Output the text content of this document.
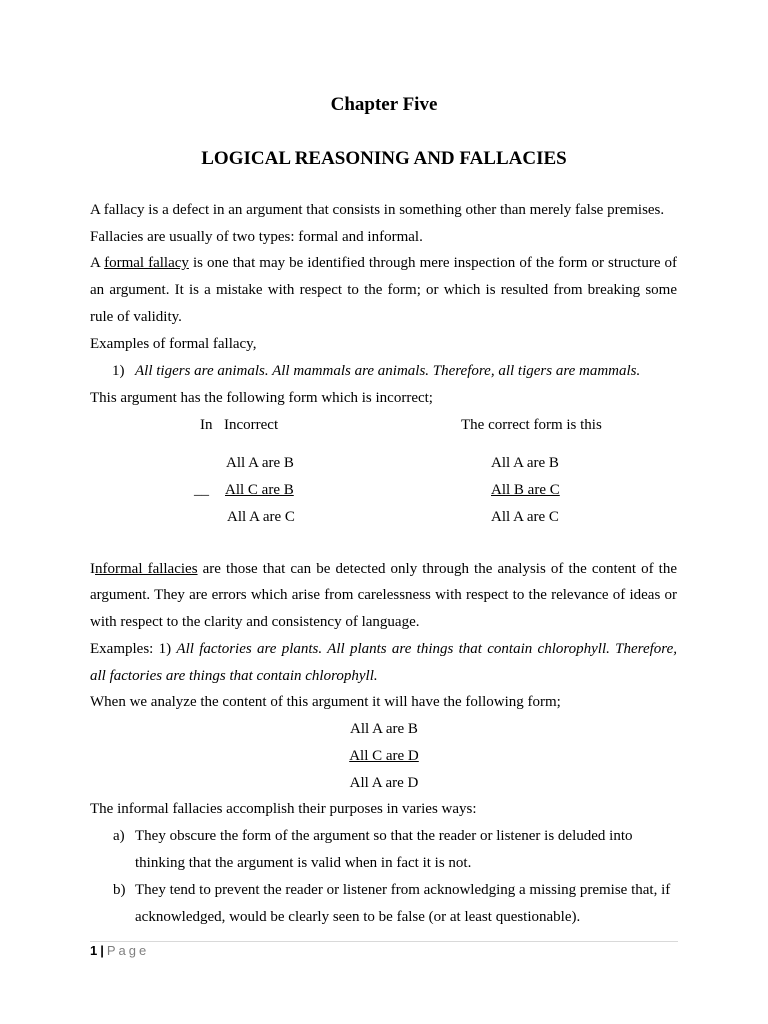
Chapter Five
LOGICAL REASONING AND FALLACIES
A fallacy is a defect in an argument that consists in something other than merely false premises.
Fallacies are usually of two types: formal and informal.
A formal fallacy is one that may be identified through mere inspection of the form or structure of
an argument. It is a mistake with respect to the form; or which is resulted from breaking some
rule of validity.
Examples of formal fallacy,
1) All tigers are animals. All mammals are animals. Therefore, all tigers are mammals.
This argument has the following form which is incorrect;
In Incorrect	The correct form is this
All A are B
__ All C are B
All A are C
All A are B
All B are C
All A are C
Informal fallacies are those that can be detected only through the analysis of the content of the
argument. They are errors which arise from carelessness with respect to the relevance of ideas or
with respect to the clarity and consistency of language.
Examples: 1) All factories are plants. All plants are things that contain chlorophyll. Therefore,
all factories are things that contain chlorophyll.
When we analyze the content of this argument it will have the following form;
All A are B
All C are D
All A are D
The informal fallacies accomplish their purposes in varies ways:
a) They obscure the form of the argument so that the reader or listener is deluded into
thinking that the argument is valid when in fact it is not.
b) They tend to prevent the reader or listener from acknowledging a missing premise that, if
acknowledged, would be clearly seen to be false (or at least questionable).
1 | Page
